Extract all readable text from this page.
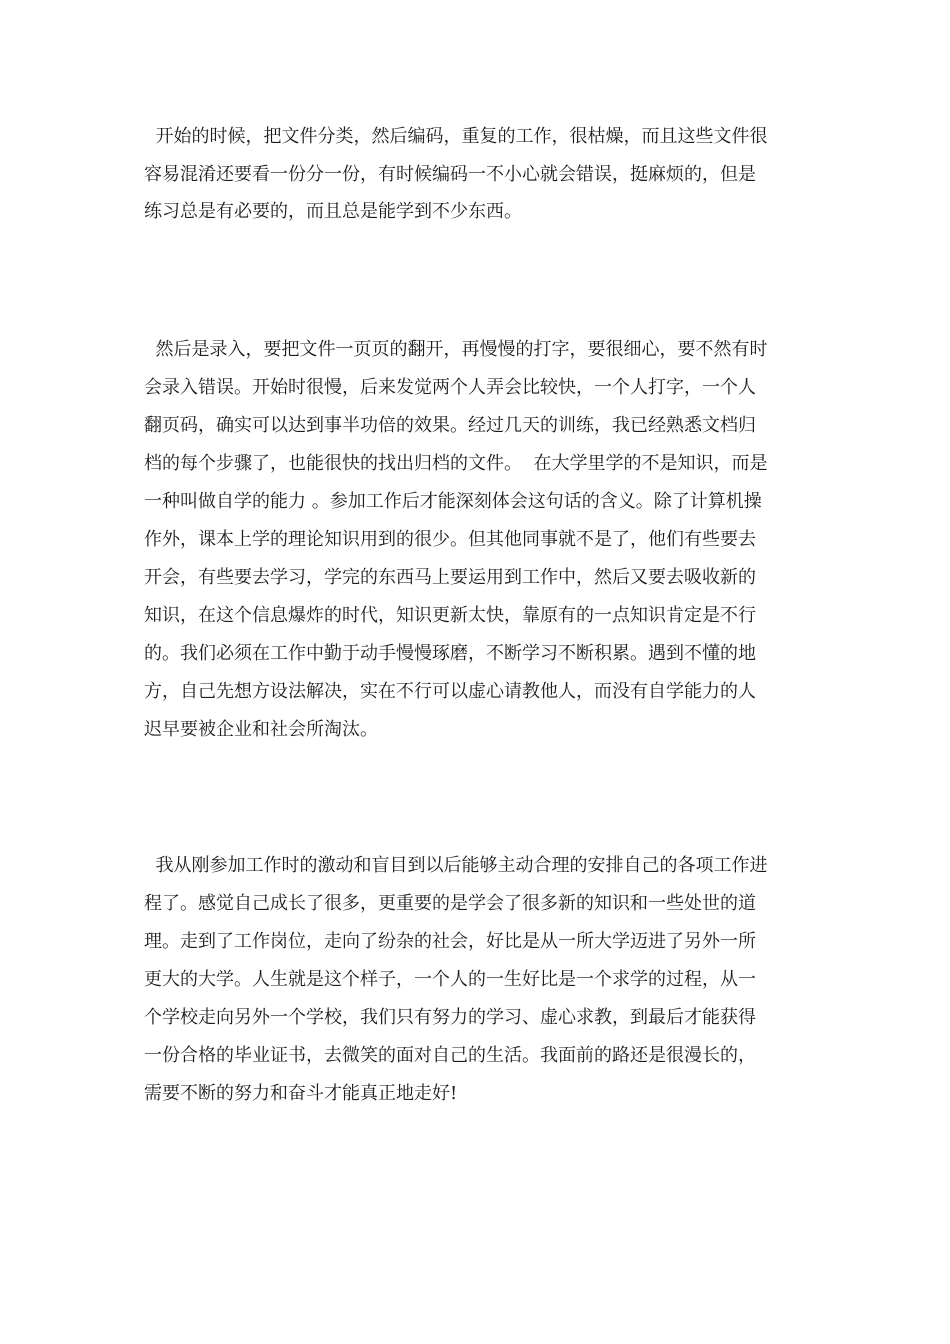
开始的时候，把文件分类，然后编码，重复的工作，很枯燥，而且这些文件很

容易混淆还要看一份分一份，有时候编码一不小心就会错误，挺麻烦的，但是

练习总是有必要的，而且总是能学到不少东西。

然后是录入，要把文件一页页的翻开，再慢慢的打字，要很细心，要不然有时

会录入错误。开始时很慢，后来发觉两个人弄会比较快，一个人打字，一个人

翻页码，确实可以达到事半功倍的效果。经过几天的训练，我已经熟悉文档归

档的每个步骤了，也能很快的找出归档的文件。  在大学里学的不是知识，而是

一种叫做自学的能力 。参加工作后才能深刻体会这句话的含义。除了计算机操

作外，课本上学的理论知识用到的很少。但其他同事就不是了，他们有些要去

开会，有些要去学习，学完的东西马上要运用到工作中，然后又要去吸收新的

知识，在这个信息爆炸的时代，知识更新太快，靠原有的一点知识肯定是不行

的。我们必须在工作中勤于动手慢慢琢磨，不断学习不断积累。遇到不懂的地

方，自己先想方设法解决，实在不行可以虚心请教他人，而没有自学能力的人

迟早要被企业和社会所淘汰。

我从刚参加工作时的激动和盲目到以后能够主动合理的安排自己的各项工作进

程了。感觉自己成长了很多，更重要的是学会了很多新的知识和一些处世的道

理。走到了工作岗位，走向了纷杂的社会，好比是从一所大学迈进了另外一所

更大的大学。人生就是这个样子，一个人的一生好比是一个求学的过程，从一

个学校走向另外一个学校，我们只有努力的学习、虚心求教，到最后才能获得

一份合格的毕业证书，去微笑的面对自己的生活。我面前的路还是很漫长的，

需要不断的努力和奋斗才能真正地走好!
